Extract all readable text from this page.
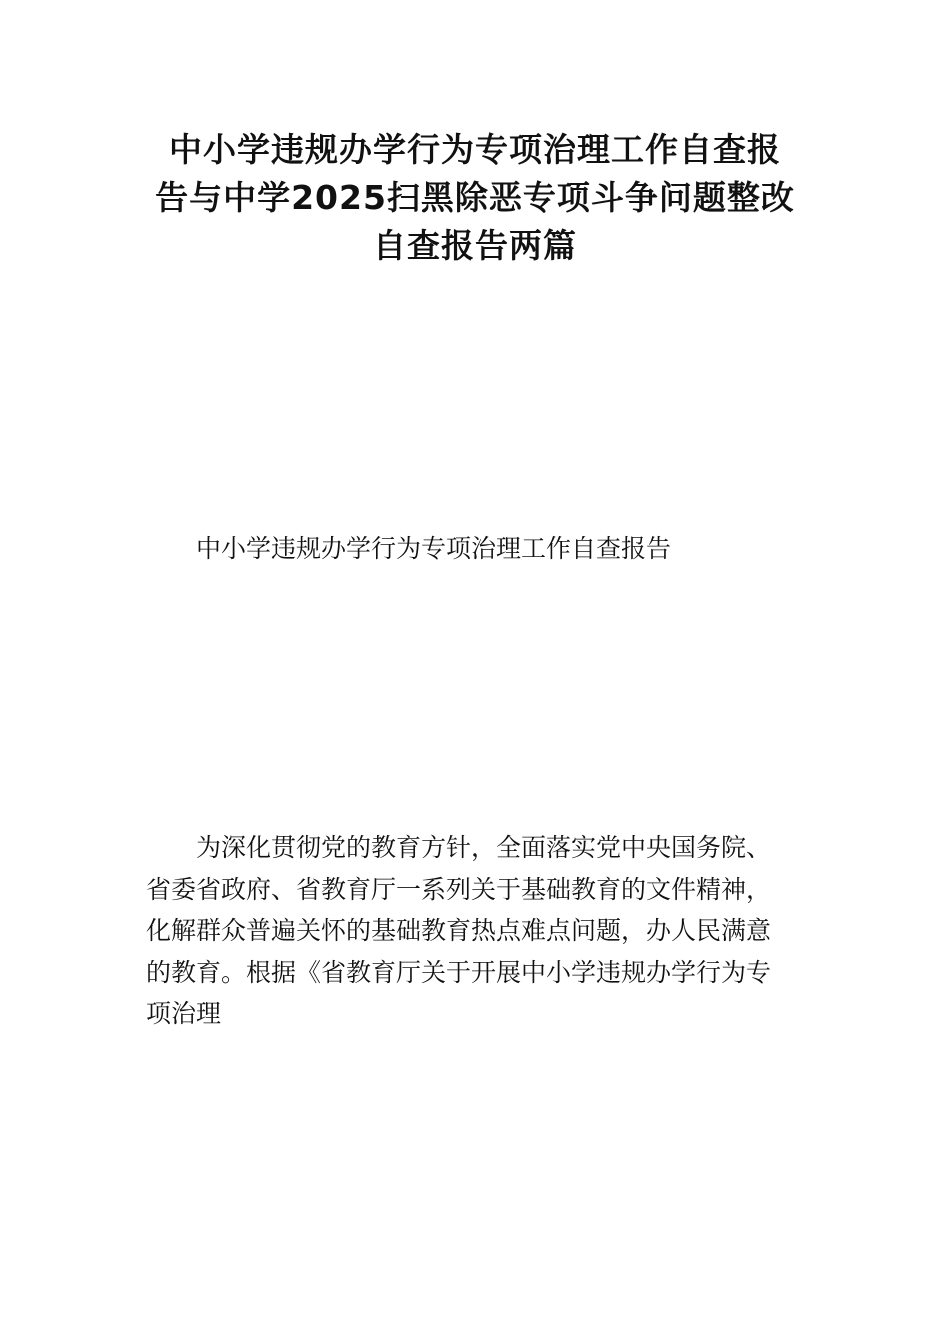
中小学违规办学行为专项治理工作自查报
告与中学2025扫黑除恶专项斗争问题整改
自查报告两篇

中小学违规办学行为专项治理工作自查报告

为深化贯彻党的教育方针，全面落实党中央国务院、
省委省政府、省教育厅一系列关于基础教育的文件精神，
化解群众普遍关怀的基础教育热点难点问题，办人民满意
的教育。根据《省教育厅关于开展中小学违规办学行为专
项治理
